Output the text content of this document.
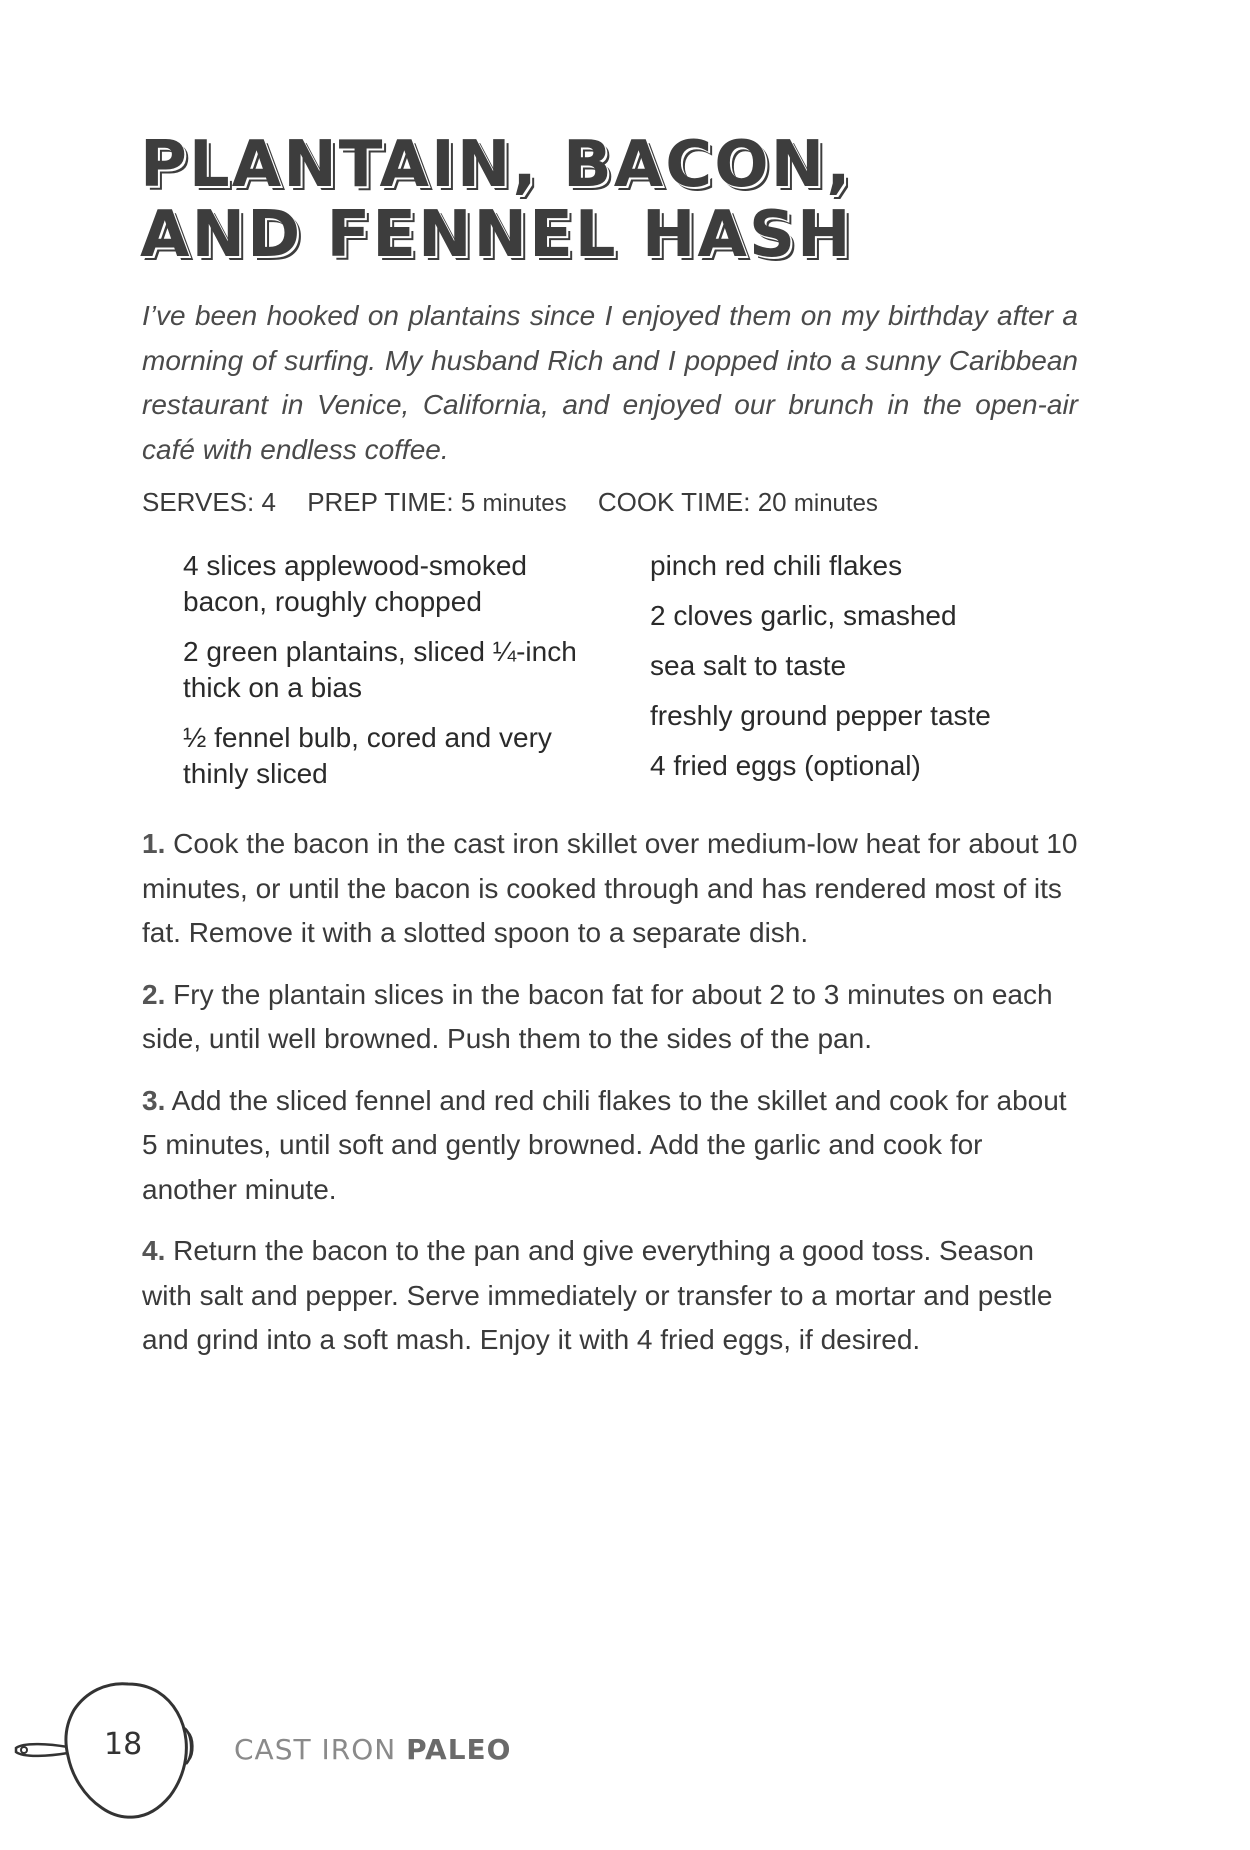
PLANTAIN, BACON,
AND FENNEL HASH

I’ve been hooked on plantains since I enjoyed them on my birthday after a morning of surfing. My husband Rich and I popped into a sunny Caribbean restaurant in Venice, California, and enjoyed our brunch in the open-air café with endless coffee.

SERVES: 4 PREP TIME: 5 minutes COOK TIME: 20 minutes
4 slices applewood-smoked bacon, roughly chopped
2 green plantains, sliced ¼-inch thick on a bias
½ fennel bulb, cored and very thinly sliced
pinch red chili flakes
2 cloves garlic, smashed
sea salt to taste
freshly ground pepper taste
4 fried eggs (optional)

1. Cook the bacon in the cast iron skillet over medium-low heat for about 10 minutes, or until the bacon is cooked through and has rendered most of its fat. Remove it with a slotted spoon to a separate dish.

2. Fry the plantain slices in the bacon fat for about 2 to 3 minutes on each side, until well browned. Push them to the sides of the pan.

3. Add the sliced fennel and red chili flakes to the skillet and cook for about 5 minutes, until soft and gently browned. Add the garlic and cook for another minute.

4. Return the bacon to the pan and give everything a good toss. Season with salt and pepper. Serve immediately or transfer to a mortar and pestle and grind into a soft mash. Enjoy it with 4 fried eggs, if desired.

18	CAST IRON PALEO
